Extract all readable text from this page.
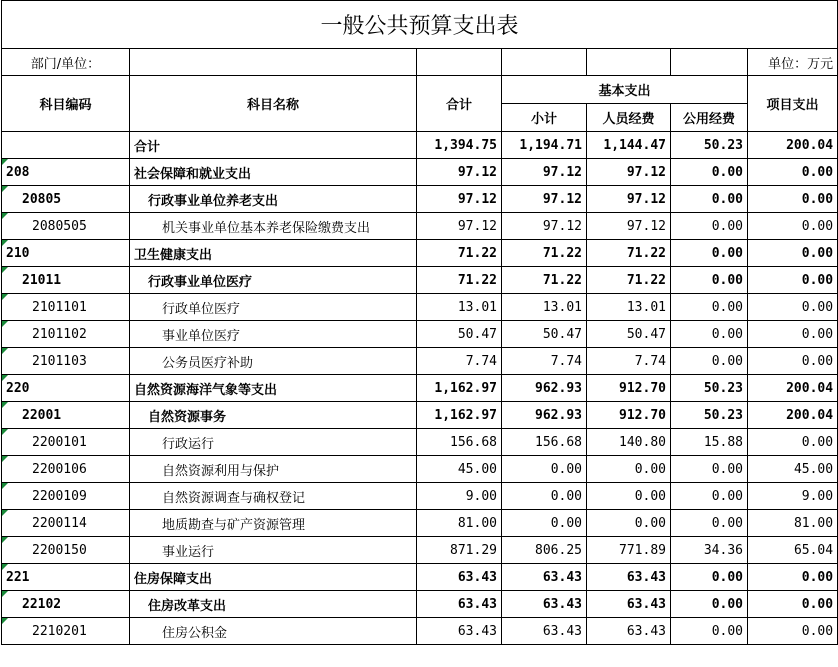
一般公共预算支出表						
部门/单位：						单位：万元
科目编码	科目名称	合计	基本支出			项目支出
			小计	人员经费	公用经费	
	合计	1,394.75	1,194.71	1,144.47	50.23	200.04
208	社会保障和就业支出	97.12	97.12	97.12	0.00	0.00
20805	行政事业单位养老支出	97.12	97.12	97.12	0.00	0.00
2080505	机关事业单位基本养老保险缴费支出	97.12	97.12	97.12	0.00	0.00
210	卫生健康支出	71.22	71.22	71.22	0.00	0.00
21011	行政事业单位医疗	71.22	71.22	71.22	0.00	0.00
2101101	行政单位医疗	13.01	13.01	13.01	0.00	0.00
2101102	事业单位医疗	50.47	50.47	50.47	0.00	0.00
2101103	公务员医疗补助	7.74	7.74	7.74	0.00	0.00
220	自然资源海洋气象等支出	1,162.97	962.93	912.70	50.23	200.04
22001	自然资源事务	1,162.97	962.93	912.70	50.23	200.04
2200101	行政运行	156.68	156.68	140.80	15.88	0.00
2200106	自然资源利用与保护	45.00	0.00	0.00	0.00	45.00
2200109	自然资源调查与确权登记	9.00	0.00	0.00	0.00	9.00
2200114	地质勘查与矿产资源管理	81.00	0.00	0.00	0.00	81.00
2200150	事业运行	871.29	806.25	771.89	34.36	65.04
221	住房保障支出	63.43	63.43	63.43	0.00	0.00
22102	住房改革支出	63.43	63.43	63.43	0.00	0.00
2210201	住房公积金	63.43	63.43	63.43	0.00	0.00
